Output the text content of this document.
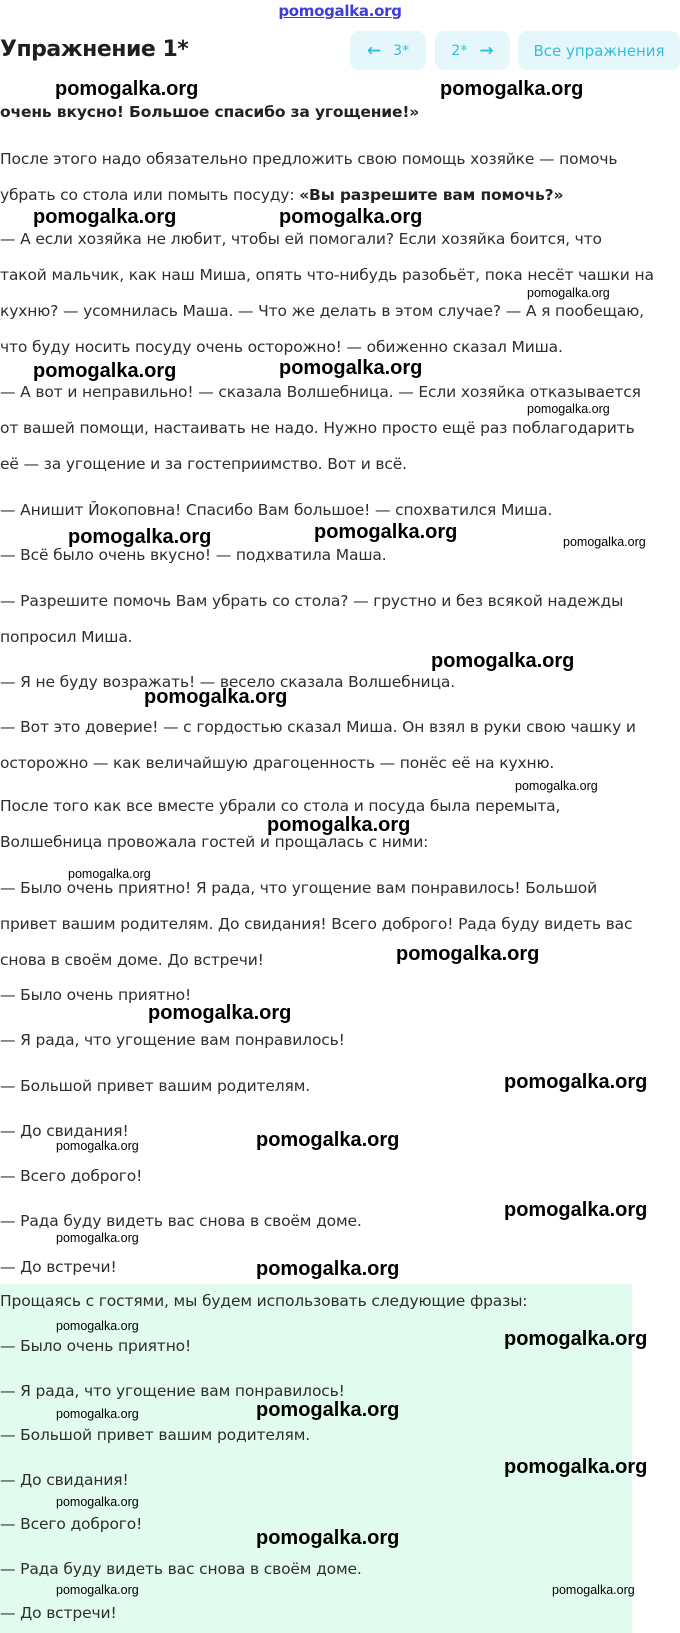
pomogalka.org
Упражнение 1*	← 3*	2* →	Все упражнения
очень вкусно! Большое спасибо за угощение!»
После этого надо обязательно предложить свою помощь хозяйке — помочь
убрать со стола или помыть посуду: «Вы разрешите вам помочь?»
— А если хозяйка не любит, чтобы ей помогали? Если хозяйка боится, что
такой мальчик, как наш Миша, опять что-нибудь разобьёт, пока несёт чашки на
кухню? — усомнилась Маша. — Что же делать в этом случае? — А я пообещаю,
что буду носить посуду очень осторожно! — обиженно сказал Миша.
— А вот и неправильно! — сказала Волшебница. — Если хозяйка отказывается
от вашей помощи, настаивать не надо. Нужно просто ещё раз поблагодарить
её — за угощение и за гостеприимство. Вот и всё.
— Анишит Йокоповна! Спасибо Вам большое! — спохватился Миша.
— Всё было очень вкусно! — подхватила Маша.
— Разрешите помочь Вам убрать со стола? — грустно и без всякой надежды
попросил Миша.
— Я не буду возражать! — весело сказала Волшебница.
— Вот это доверие! — с гордостью сказал Миша. Он взял в руки свою чашку и
осторожно — как величайшую драгоценность — понёс её на кухню.
После того как все вместе убрали со стола и посуда была перемыта,
Волшебница провожала гостей и прощалась с ними:
— Было очень приятно! Я рада, что угощение вам понравилось! Большой
привет вашим родителям. До свидания! Всего доброго! Рада буду видеть вас
снова в своём доме. До встречи!
— Было очень приятно!
— Я рада, что угощение вам понравилось!
— Большой привет вашим родителям.
— До свидания!
— Всего доброго!
— Рада буду видеть вас снова в своём доме.
— До встречи!
Прощаясь с гостями, мы будем использовать следующие фразы:
— Было очень приятно!
— Я рада, что угощение вам понравилось!
— Большой привет вашим родителям.
— До свидания!
— Всего доброго!
— Рада буду видеть вас снова в своём доме.
— До встречи!
pomogalka.org	pomogalka.org
pomogalka.org	pomogalka.org
pomogalka.org
pomogalka.org	pomogalka.org
pomogalka.org
pomogalka.org	pomogalka.org	pomogalka.org
pomogalka.org
pomogalka.org
pomogalka.org
pomogalka.org
pomogalka.org
pomogalka.org
pomogalka.org
pomogalka.org
pomogalka.org
pomogalka.org
pomogalka.org
pomogalka.org
pomogalka.org
pomogalka.org
pomogalka.org
pomogalka.org	pomogalka.org
pomogalka.org
pomogalka.org
pomogalka.org
pomogalka.org	pomogalka.org
